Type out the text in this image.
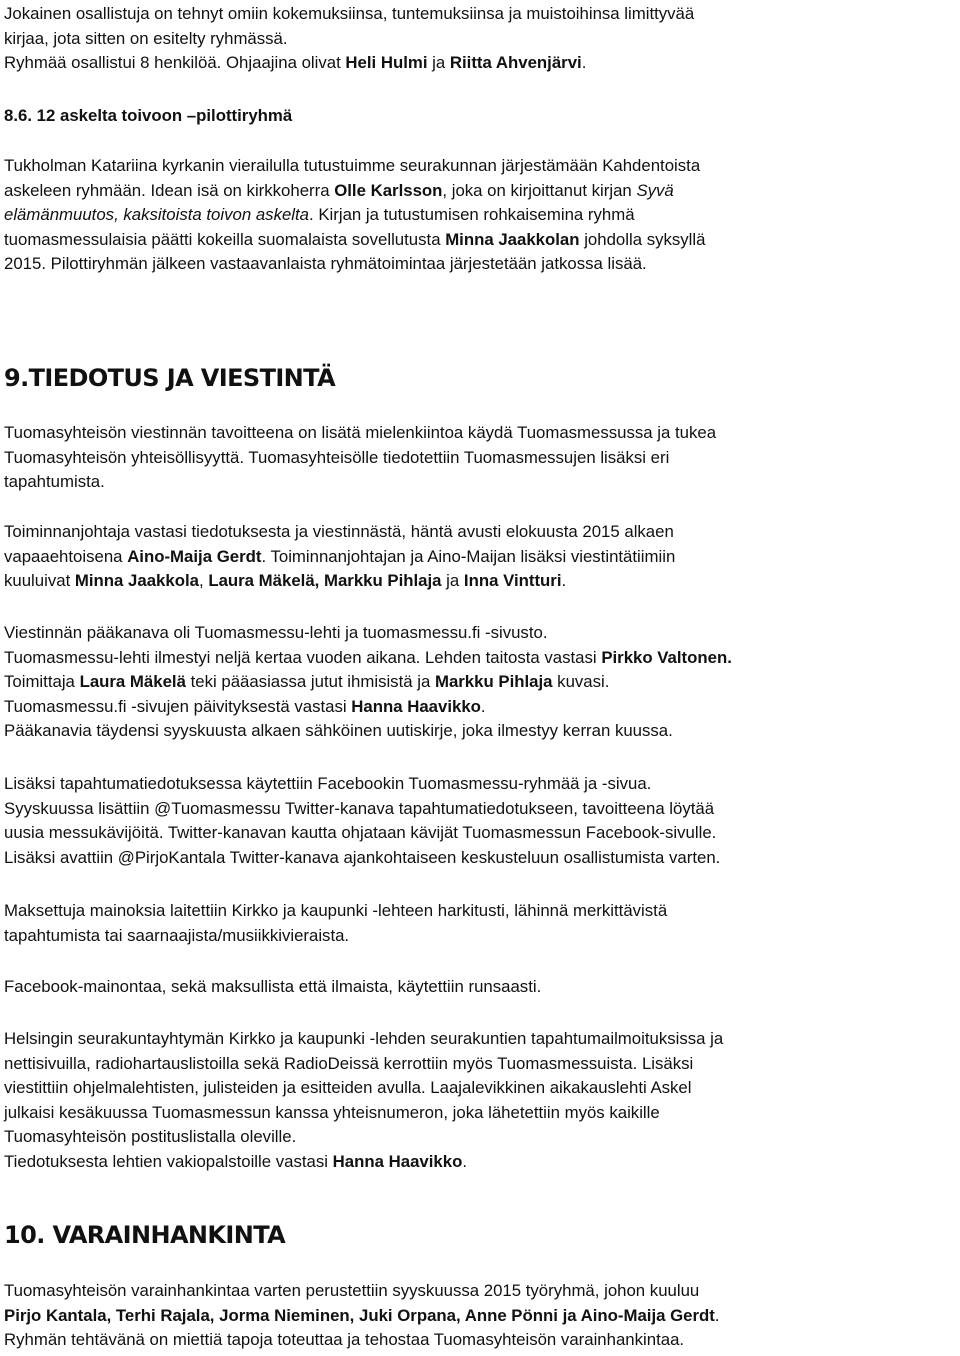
Jokainen osallistuja on tehnyt omiin kokemuksiinsa, tuntemuksiinsa ja muistoihinsa limittyvää
kirjaa, jota sitten on esitelty ryhmässä.
Ryhmää osallistui 8 henkilöä. Ohjaajina olivat Heli Hulmi ja Riitta Ahvenjärvi.
8.6. 12 askelta toivoon –pilottiryhmä
Tukholman Katariina kyrkanin vierailulla tutustuimme seurakunnan järjestämään Kahdentoista
askeleen ryhmään. Idean isä on kirkkoherra Olle Karlsson, joka on kirjoittanut kirjan Syvä
elämänmuutos, kaksitoista toivon askelta. Kirjan ja tutustumisen rohkaisemina ryhmä
tuomasmessulaisia päätti kokeilla suomalaista sovellutusta Minna Jaakkolan johdolla syksyllä
2015. Pilottiryhmän jälkeen vastaavanlaista ryhmätoimintaa järjestetään jatkossa lisää.
9.TIEDOTUS JA VIESTINTÄ
Tuomasyhteisön viestinnän tavoitteena on lisätä mielenkiintoa käydä Tuomasmessussa ja tukea
Tuomasyhteisön yhteisöllisyyttä. Tuomasyhteisölle tiedotettiin Tuomasmessujen lisäksi eri
tapahtumista.
Toiminnanjohtaja vastasi tiedotuksesta ja viestinnästä, häntä avusti elokuusta 2015 alkaen
vapaaehtoisena Aino-Maija Gerdt. Toiminnanjohtajan ja Aino-Maijan lisäksi viestintätiimiin
kuuluivat Minna Jaakkola, Laura Mäkelä, Markku Pihlaja ja Inna Vintturi.
Viestinnän pääkanava oli Tuomasmessu-lehti ja tuomasmessu.fi -sivusto.
Tuomasmessu-lehti ilmestyi neljä kertaa vuoden aikana. Lehden taitosta vastasi Pirkko Valtonen.
Toimittaja Laura Mäkelä teki pääasiassa jutut ihmisistä ja Markku Pihlaja kuvasi.
Tuomasmessu.fi -sivujen päivityksestä vastasi Hanna Haavikko.
Pääkanavia täydensi syyskuusta alkaen sähköinen uutiskirje, joka ilmestyy kerran kuussa.
Lisäksi tapahtumatiedotuksessa käytettiin Facebookin Tuomasmessu-ryhmää ja -sivua.
Syyskuussa lisättiin @Tuomasmessu Twitter-kanava tapahtumatiedotukseen, tavoitteena löytää
uusia messukävijöitä. Twitter-kanavan kautta ohjataan kävijät Tuomasmessun Facebook-sivulle.
Lisäksi avattiin @PirjoKantala Twitter-kanava ajankohtaiseen keskusteluun osallistumista varten.
Maksettuja mainoksia laitettiin Kirkko ja kaupunki -lehteen harkitusti, lähinnä merkittävistä
tapahtumista tai saarnaajista/musiikkivieraista.
Facebook-mainontaa, sekä maksullista että ilmaista, käytettiin runsaasti.
Helsingin seurakuntayhtymän Kirkko ja kaupunki -lehden seurakuntien tapahtumailmoituksissa ja
nettisivuilla, radiohartauslistoilla sekä RadioDeissä kerrottiin myös Tuomasmessuista. Lisäksi
viestittiin ohjelmalehtisten, julisteiden ja esitteiden avulla. Laajalevikkinen aikakauslehti Askel
julkaisi kesäkuussa Tuomasmessun kanssa yhteisnumeron, joka lähetettiin myös kaikille
Tuomasyhteisön postituslistalla oleville.
Tiedotuksesta lehtien vakiopalstoille vastasi Hanna Haavikko.
10. VARAINHANKINTA
Tuomasyhteisön varainhankintaa varten perustettiin syyskuussa 2015 työryhmä, johon kuuluu
Pirjo Kantala, Terhi Rajala, Jorma Nieminen, Juki Orpana, Anne Pönni ja Aino-Maija Gerdt.
Ryhmän tehtävänä on miettiä tapoja toteuttaa ja tehostaa Tuomasyhteisön varainhankintaa.
